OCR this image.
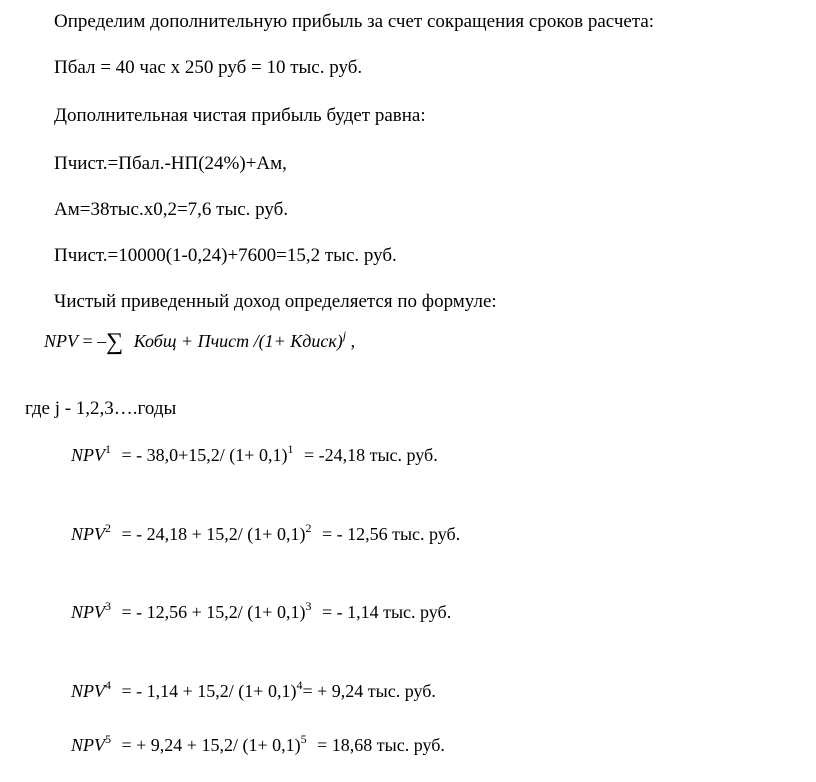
Определим дополнительную прибыль за счет сокращения сроков расчета:
Пбал = 40 час х 250 руб = 10 тыс. руб.
Дополнительная чистая прибыль будет равна:
Пчист.=Пбал.-НП(24%)+Ам,
Ам=38тыс.х0,2=7,6 тыс. руб.
Пчист.=10000(1-0,24)+7600=15,2 тыс. руб.
Чистый приведенный доход определяется по формуле:
NPV = –∑ Кобщ + Пчист /(1+ Кдиск)$^j$ ,
где j - 1,2,3….годы
$NPV^1$ = - 38,0+15,2/ $(1+ 0,1)^1 = -24,18$ тыс. руб.
$NPV^2$ = - 24,18 + 15,2/ $(1+ 0,1)^2$ = - 12,56 тыс. руб.
$NPV^3$ = - 12,56 + 15,2/ $(1+ 0,1)^3$ = - 1,14 тыс. руб.
$NPV^4$ = - 1,14 + 15,2/ $(1+ 0,1)^4= + 9,24$ тыс. руб.
$NPV^5$ = + 9,24 + 15,2/ $(1+ 0,1)^5 = 18,68$ тыс. руб.
